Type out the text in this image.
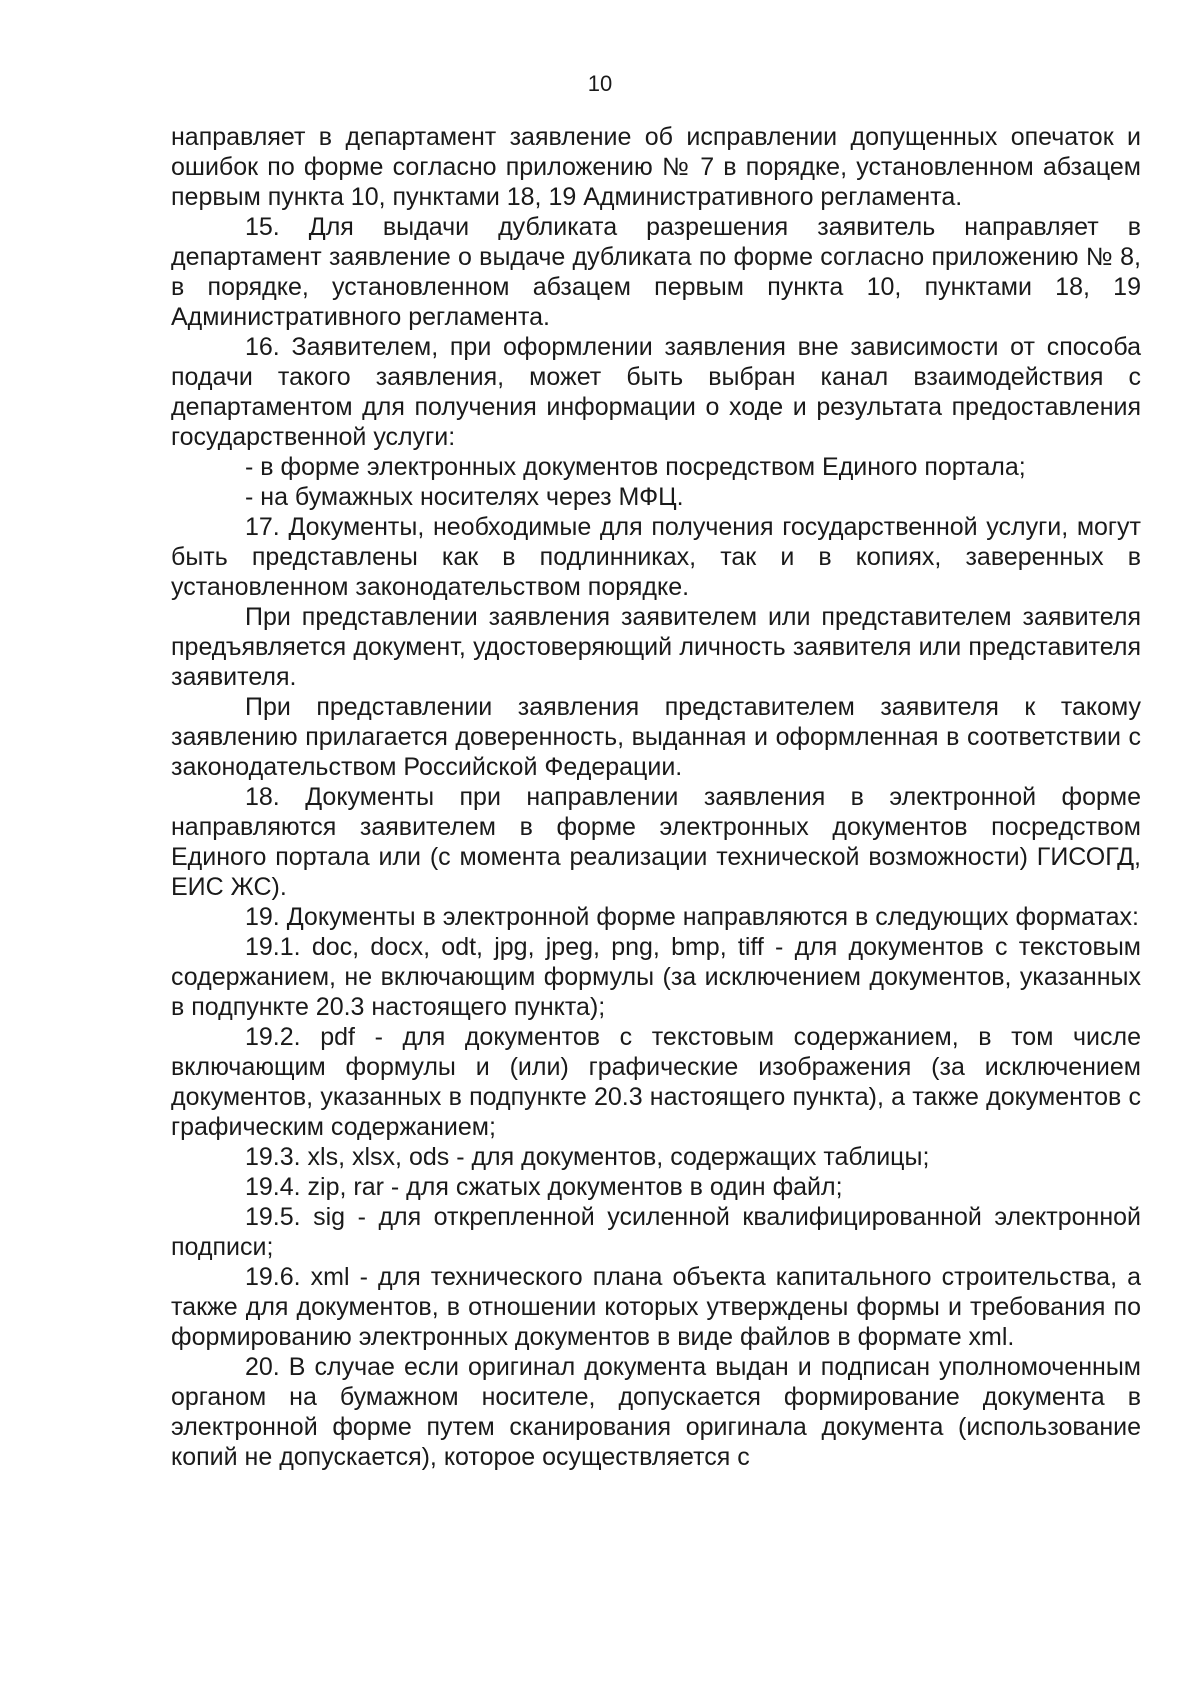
10

направляет в департамент заявление об исправлении допущенных опечаток и ошибок по форме согласно приложению № 7 в порядке, установленном абзацем первым пункта 10, пунктами 18, 19 Административного регламента.

15. Для выдачи дубликата разрешения заявитель направляет в департамент заявление о выдаче дубликата по форме согласно приложению № 8, в порядке, установленном абзацем первым пункта 10, пунктами 18, 19 Административного регламента.

16. Заявителем, при оформлении заявления вне зависимости от способа подачи такого заявления, может быть выбран канал взаимодействия с департаментом для получения информации о ходе и результата предоставления государственной услуги:

- в форме электронных документов посредством Единого портала;

- на бумажных носителях через МФЦ.

17. Документы, необходимые для получения государственной услуги, могут быть представлены как в подлинниках, так и в копиях, заверенных в установленном законодательством порядке.

При представлении заявления заявителем или представителем заявителя предъявляется документ, удостоверяющий личность заявителя или представителя заявителя.

При представлении заявления представителем заявителя к такому заявлению прилагается доверенность, выданная и оформленная в соответствии с законодательством Российской Федерации.

18. Документы при направлении заявления в электронной форме направляются заявителем в форме электронных документов посредством Единого портала или (с момента реализации технической возможности) ГИСОГД, ЕИС ЖС).

19. Документы в электронной форме направляются в следующих форматах:

19.1. doc, docx, odt, jpg, jpeg, png, bmp, tiff - для документов с текстовым содержанием, не включающим формулы (за исключением документов, указанных в подпункте 20.3 настоящего пункта);

19.2. pdf - для документов с текстовым содержанием, в том числе включающим формулы и (или) графические изображения (за исключением документов, указанных в подпункте 20.3 настоящего пункта), а также документов с графическим содержанием;

19.3. xls, xlsx, ods - для документов, содержащих таблицы;

19.4. zip, rar - для сжатых документов в один файл;

19.5. sig - для открепленной усиленной квалифицированной электронной подписи;

19.6. xml - для технического плана объекта капитального строительства, а также для документов, в отношении которых утверждены формы и требования по формированию электронных документов в виде файлов в формате xml.

20. В случае если оригинал документа выдан и подписан уполномоченным органом на бумажном носителе, допускается формирование документа в электронной форме путем сканирования оригинала документа (использование копий не допускается), которое осуществляется с
